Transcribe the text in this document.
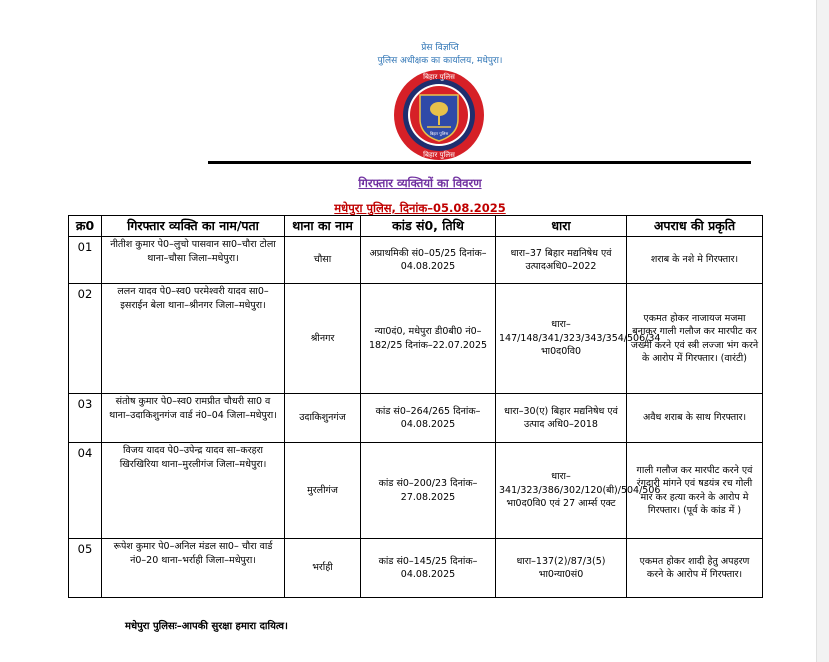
प्रेस विज्ञप्ति
पुलिस अधीक्षक का कार्यालय, मधेपुरा।
बिहार पुलिस
बिहार पुलिस
बिहार पुलिस
गिरफ्तार व्यक्तियों का विवरण
मधेपुरा पुलिस, दिनांक–05.08.2025
क्र0	गिरफ्तार व्यक्ति का नाम/पता	थाना का नाम	कांड सं0, तिथि	धारा	अपराध की प्रकृति
01	नीतीश कुमार पे0–लुचो पासवान सा0–चौरा टोला थाना–चौसा जिला–मधेपुरा।	चौसा	अप्राथमिकी सं0–05/25 दिनांक–04.08.2025	धारा–37 बिहार मद्यनिषेध एवं उत्पादअधि0–2022	शराब के नशे मे गिरफ्तार।
02	ललन यादव पे0–स्व0 परमेश्वरी यादव सा0–इसराईन बेला थाना–श्रीनगर जिला–मधेपुरा।	श्रीनगर	न्या0दं0, मधेपुरा डी0बी0 नं0–182/25 दिनांक–22.07.2025	धारा–147/148/341/323/343/354/506/34 भा0द0वि0	एकमत होकर नाजायज मजमा बनाकर गाली गलौज कर मारपीट कर जख्मी करने एवं स्त्री लज्जा भंग करने के आरोप में गिरफ्तार। (वारंटी)
03	संतोष कुमार पे0–स्व0 रामप्रीत चौधरी सा0 व थाना–उदाकिशुनगंज वार्ड नं0–04 जिला–मधेपुरा।	उदाकिशुनगंज	कांड सं0–264/265 दिनांक–04.08.2025	धारा–30(ए) बिहार मद्यनिषेध एवं उत्पाद अधि0–2018	अवैध शराब के साथ गिरफ्तार।
04	विजय यादव पे0–उपेन्द्र यादव सा–करहरा खिरखिरिया थाना–मुरलीगंज जिला–मधेपुरा।	मुरलीगंज	कांड सं0–200/23 दिनांक–27.08.2025	धारा–341/323/386/302/120(बी)/504/506 भा0द0वि0 एवं 27 आर्म्स एक्ट	गाली गलौज कर मारपीट करने एवं रंगदारी मांगने एवं षडयंत्र रच गोली मार कर हत्या करने के आरोप मे गिरफ्तार। (पूर्व के कांड में )
05	रूपेश कुमार पे0–अनिल मंडल सा0– चौरा वार्ड नं0–20 थाना–भर्राही जिला–मधेपुरा।	भर्राही	कांड सं0–145/25 दिनांक–04.08.2025	धारा–137(2)/87/3(5) भा0न्या0सं0	एकमत होकर शादी हेतु अपहरण करने के आरोप में गिरफ्तार।
मधेपुरा पुलिसः–आपकी सुरक्षा हमारा दायित्व।
